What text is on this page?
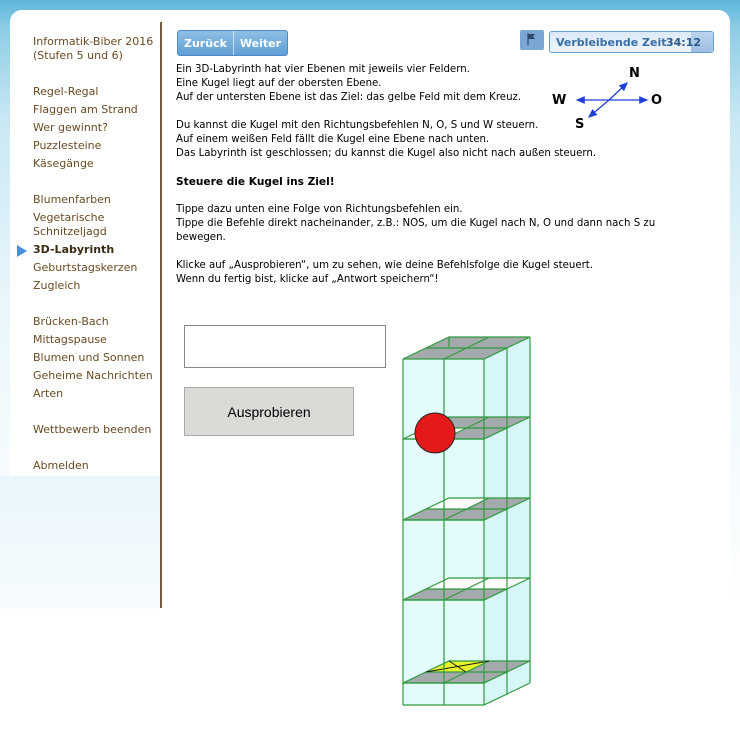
Informatik-Biber 2016
(Stufen 5 und 6)
Regel-Regal
Flaggen am Strand
Wer gewinnt?
Puzzlesteine
Käsegänge
Blumenfarben
Vegetarische Schnitzeljagd
3D-Labyrinth
Geburtstagskerzen
Zugleich
Brücken-Bach
Mittagspause
Blumen und Sonnen
Geheime Nachrichten
Arten
Wettbewerb beenden
Abmelden
Zurück	Weiter	Verbleibende Zeit 34:12

Ein 3D-Labyrinth hat vier Ebenen mit jeweils vier Feldern.

Eine Kugel liegt auf der obersten Ebene.

Auf der untersten Ebene ist das Ziel: das gelbe Feld mit dem Kreuz.

Du kannst die Kugel mit den Richtungsbefehlen N, O, S und W steuern.

Auf einem weißen Feld fällt die Kugel eine Ebene nach unten.

Das Labyrinth ist geschlossen; du kannst die Kugel also nicht nach außen steuern.

Steuere die Kugel ins Ziel!

Tippe dazu unten eine Folge von Richtungsbefehlen ein.

Tippe die Befehle direkt nacheinander, z.B.: NOS, um die Kugel nach N, O und dann nach S zu bewegen.

Klicke auf „Ausprobieren“, um zu sehen, wie deine Befehlsfolge die Kugel steuert.

Wenn du fertig bist, klicke auf „Antwort speichern“!

N
O
S
W
Ausprobieren
